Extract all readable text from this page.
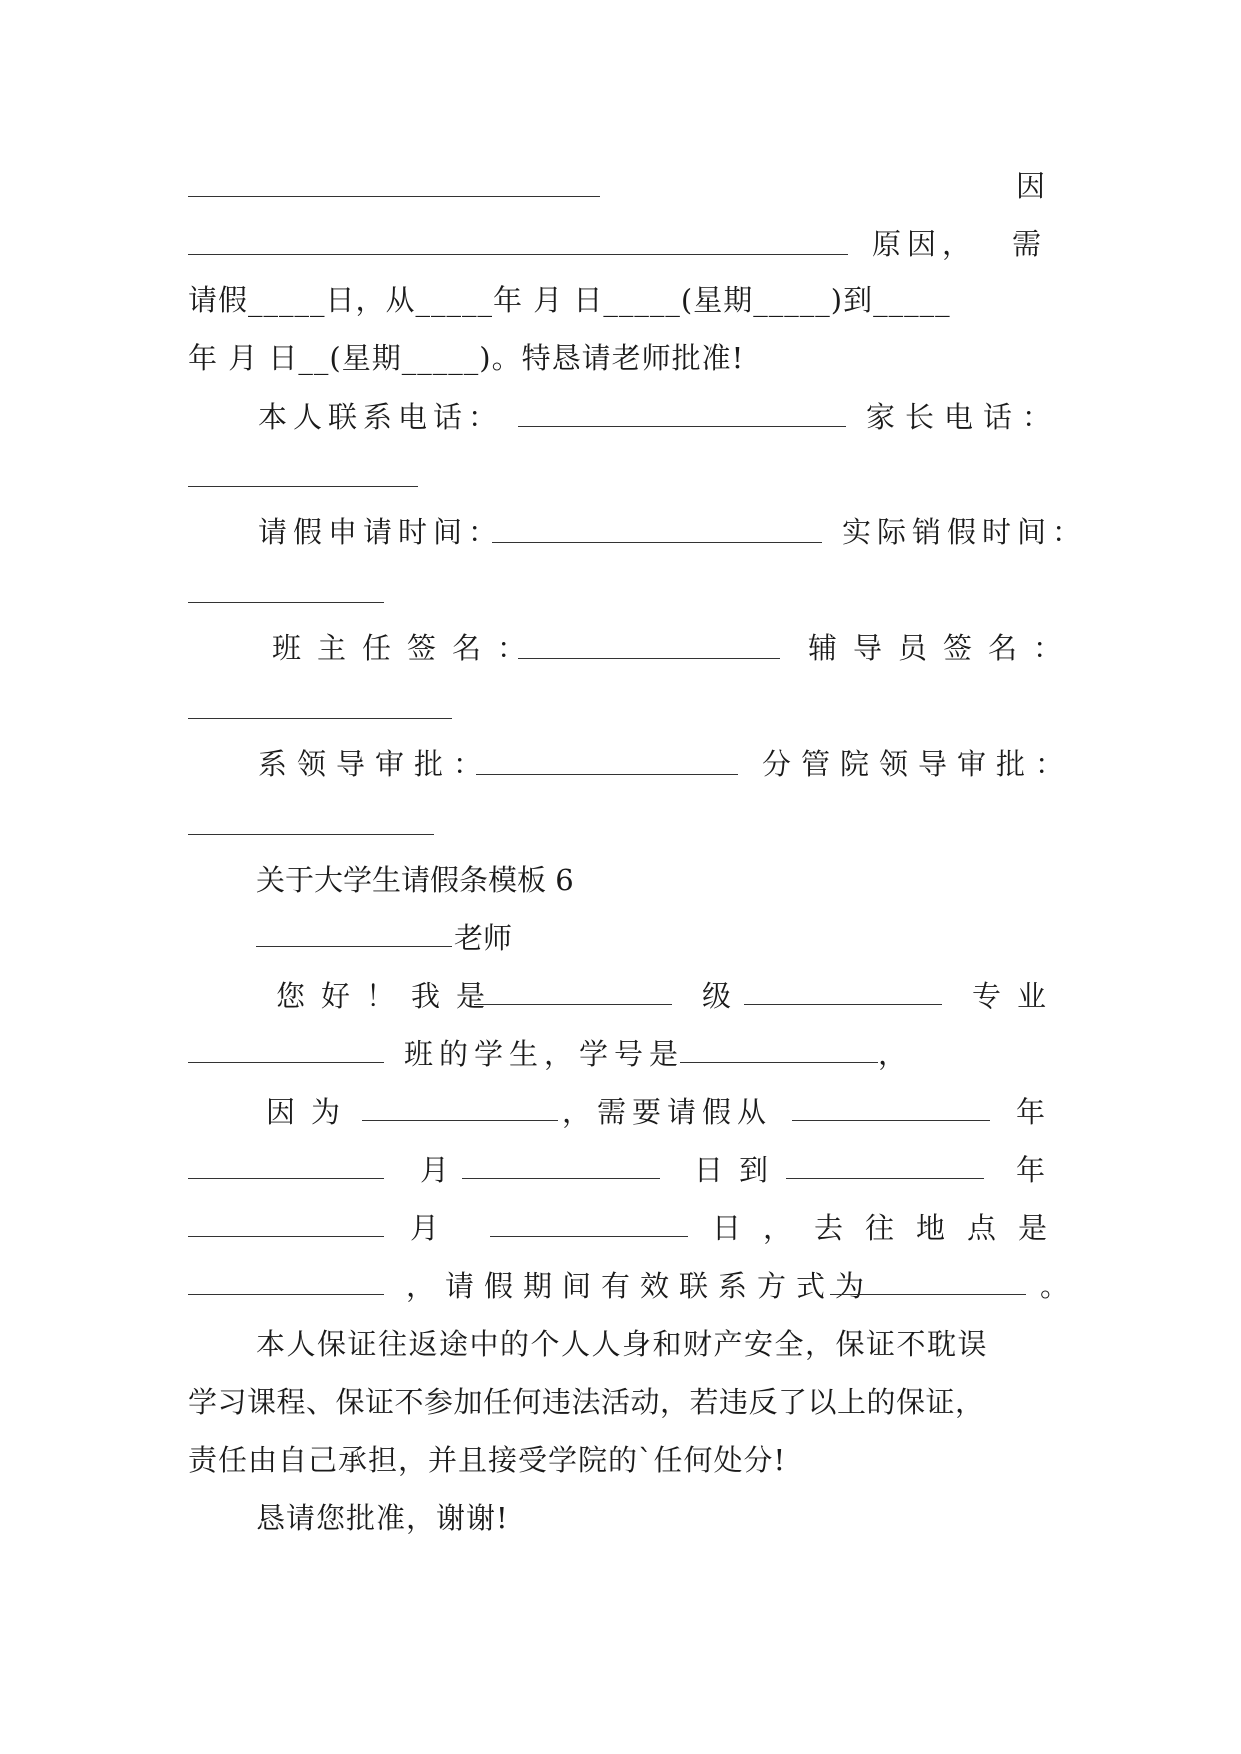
因
原因， 需
请假_____日，从_____年 月 日_____(星期_____)到_____
年 月 日__(星期_____)。特恳请老师批准!
本人联系电话：	家长电话：
请假申请时间：	实际销假时间：
班主任签名：	辅导员签名：
系领导审批：	分管院领导审批：
关于大学生请假条模板 6
老师
您好！我是	级	专业
班的学生，学号是	，
因为	，需要请假从	年
月	日到	年
月	日，去往地点是
，请假期间有效联系方式为	。
本人保证往返途中的个人人身和财产安全，保证不耽误
学习课程、保证不参加任何违法活动，若违反了以上的保证，
责任由自己承担，并且接受学院的`任何处分!
恳请您批准，谢谢!
